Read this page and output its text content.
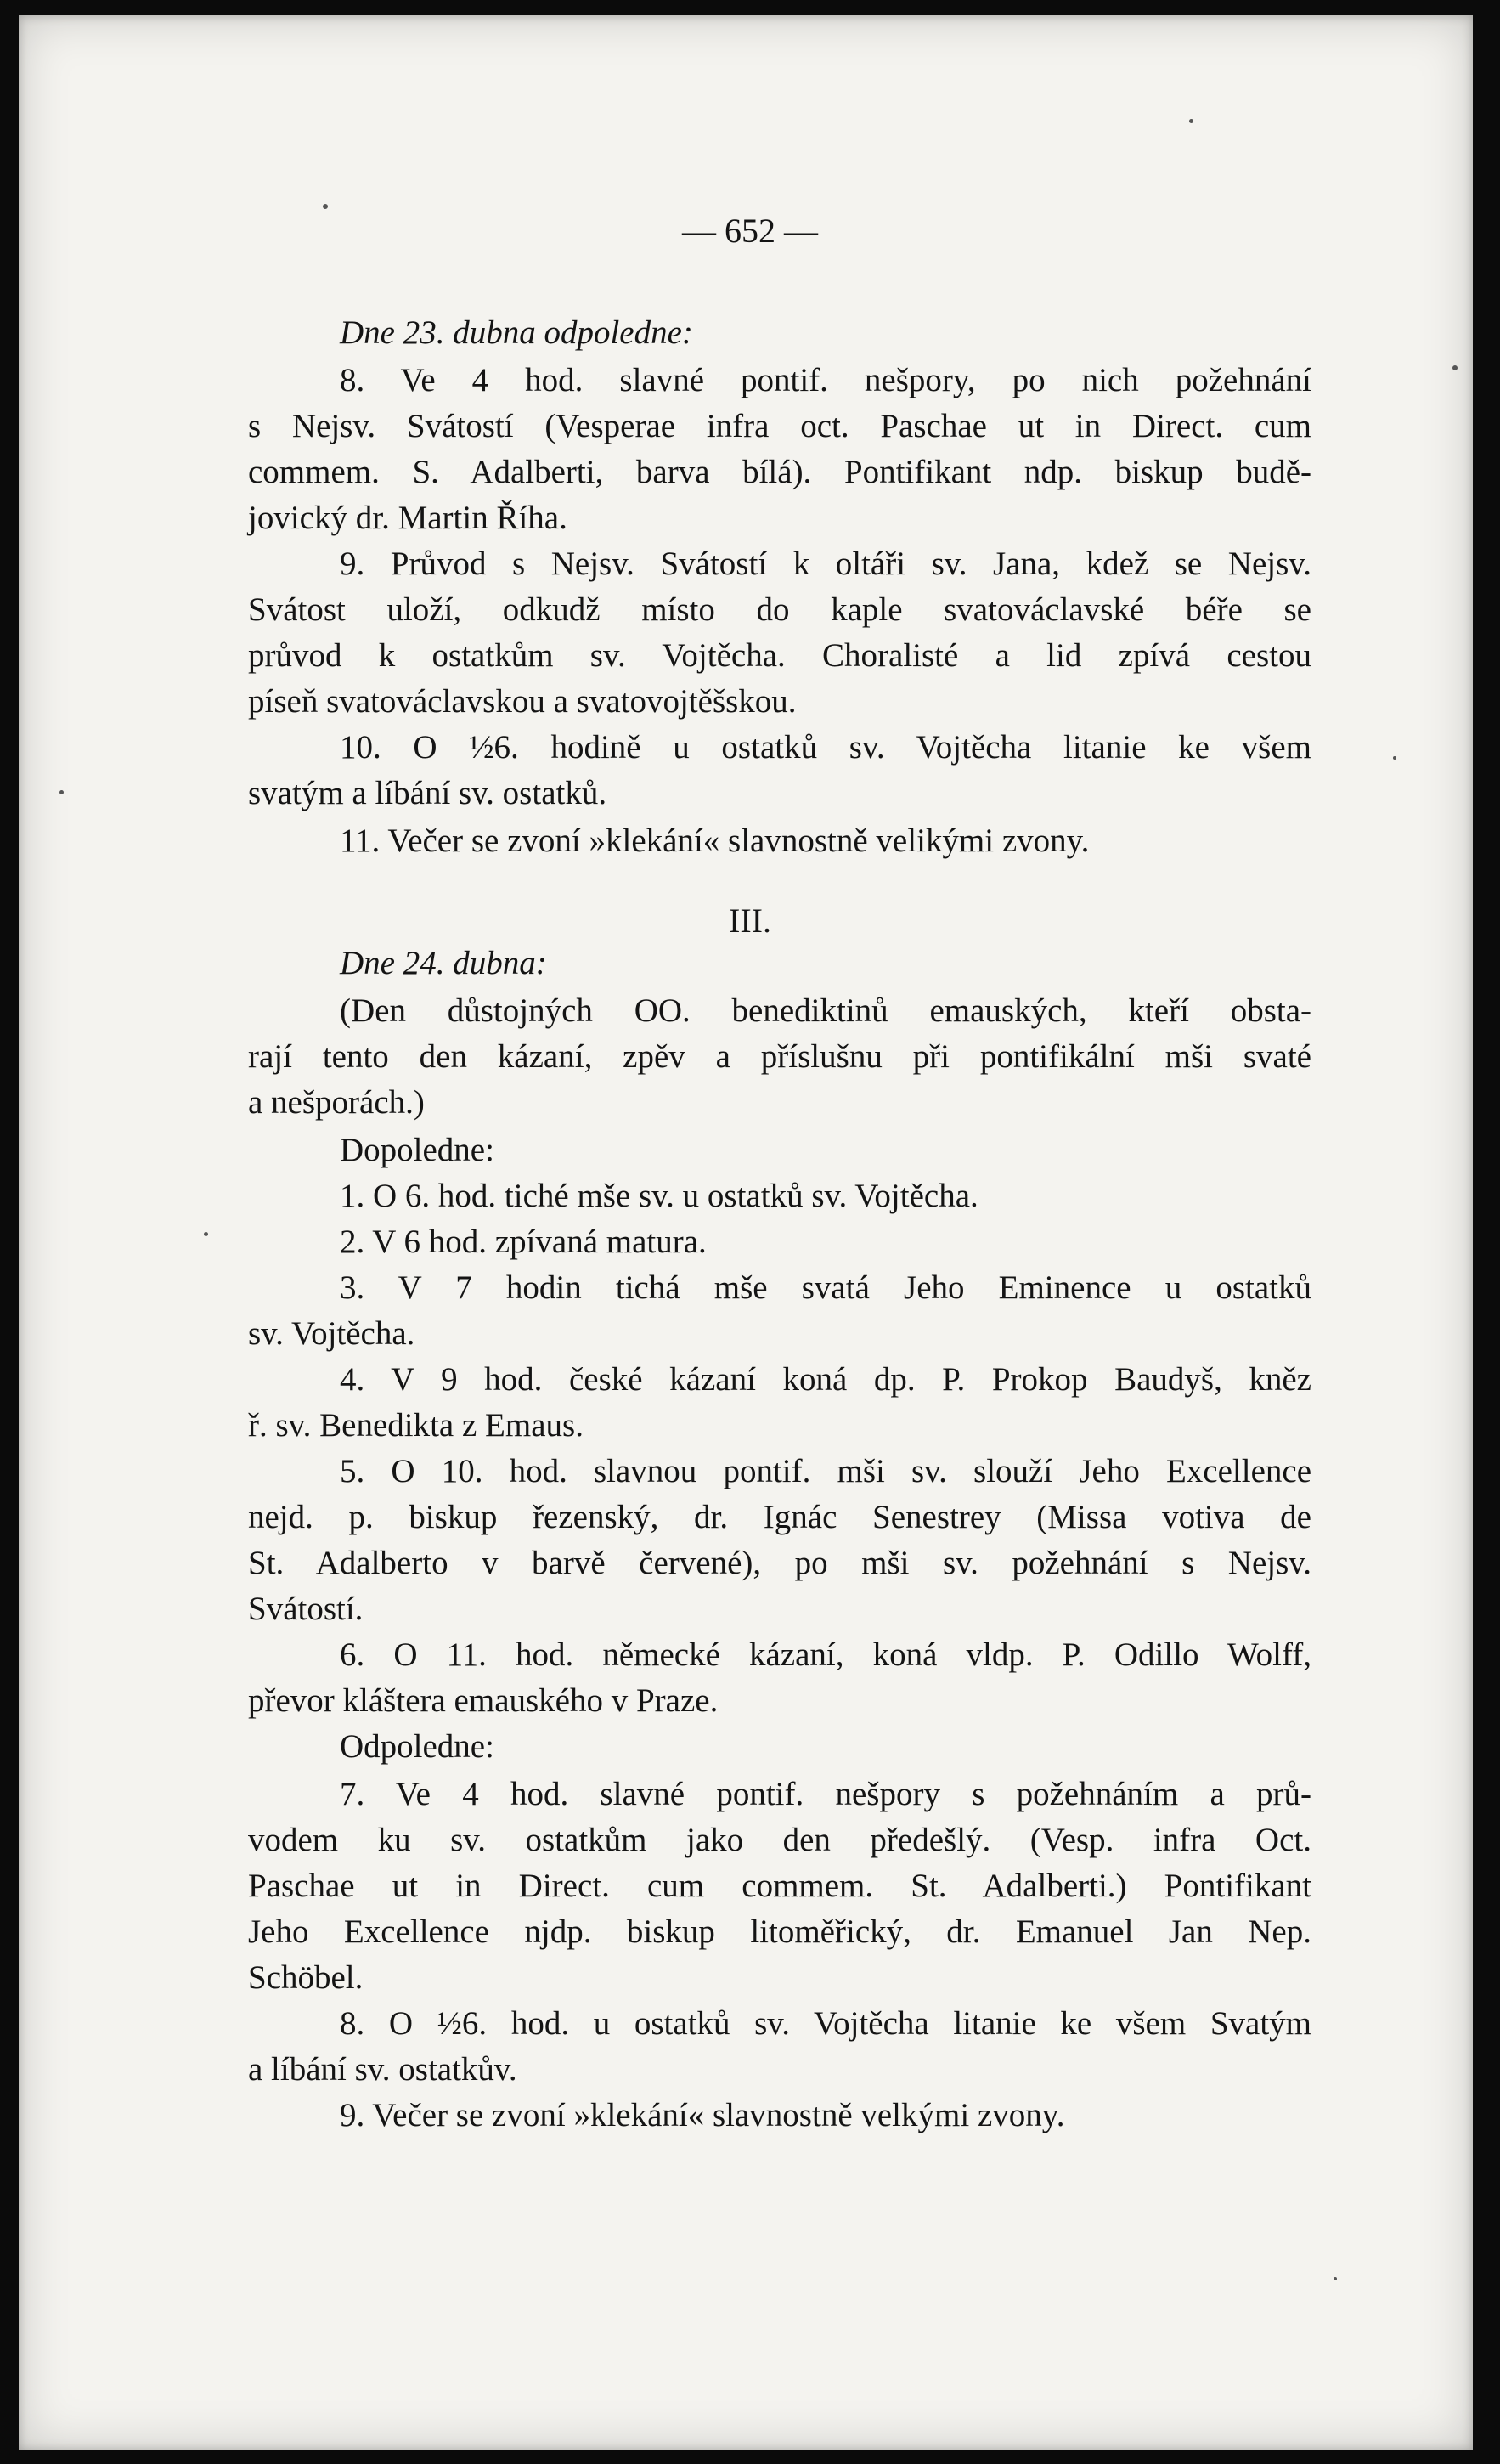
— 652 —
Dne 23. dubna odpoledne:
8. Ve 4 hod. slavné pontif. nešpory, po nich požehnání
s Nejsv. Svátostí (Vesperae infra oct. Paschae ut in Direct. cum
commem. S. Adalberti, barva bílá). Pontifikant ndp. biskup budě-
jovický dr. Martin Říha.
9. Průvod s Nejsv. Svátostí k oltáři sv. Jana, kdež se Nejsv.
Svátost uloží, odkudž místo do kaple svatováclavské béře se
průvod k ostatkům sv. Vojtěcha. Choralisté a lid zpívá cestou
píseň svatováclavskou a svatovojtěšskou.
10. O ½6. hodině u ostatků sv. Vojtěcha litanie ke všem
svatým a líbání sv. ostatků.
11. Večer se zvoní »klekání« slavnostně velikými zvony.
Dne 24. dubna:
(Den důstojných OO. benediktinů emauských, kteří obsta-
rají tento den kázaní, zpěv a příslušnu při pontifikální mši svaté
a nešporách.)
Dopoledne:
1. O 6. hod. tiché mše sv. u ostatků sv. Vojtěcha.
2. V 6 hod. zpívaná matura.
3. V 7 hodin tichá mše svatá Jeho Eminence u ostatků
sv. Vojtěcha.
4. V 9 hod. české kázaní koná dp. P. Prokop Baudyš, kněz
ř. sv. Benedikta z Emaus.
5. O 10. hod. slavnou pontif. mši sv. slouží Jeho Excellence
nejd. p. biskup řezenský, dr. Ignác Senestrey (Missa votiva de
St. Adalberto v barvě červené), po mši sv. požehnání s Nejsv.
Svátostí.
6. O 11. hod. německé kázaní, koná vldp. P. Odillo Wolff,
převor kláštera emauského v Praze.
Odpoledne:
7. Ve 4 hod. slavné pontif. nešpory s požehnáním a prů-
vodem ku sv. ostatkům jako den předešlý. (Vesp. infra Oct.
Paschae ut in Direct. cum commem. St. Adalberti.) Pontifikant
Jeho Excellence njdp. biskup litoměřický, dr. Emanuel Jan Nep.
Schöbel.
8. O ½6. hod. u ostatků sv. Vojtěcha litanie ke všem Svatým
a líbání sv. ostatkův.
9. Večer se zvoní »klekání« slavnostně velkými zvony.
III.
